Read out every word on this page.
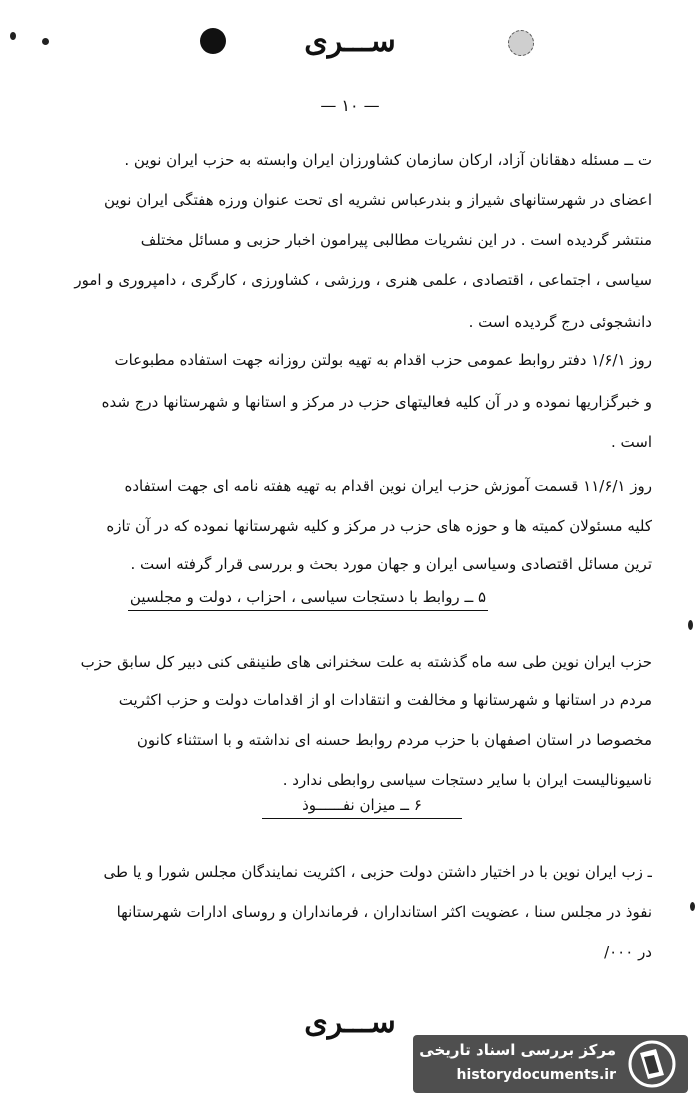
ســـری
— ۱۰ —
ت ــ مسئله دهقانان آزاد، ارکان سازمان کشاورزان ایران وابسته به حزب ایران نوین .
اعضای در شهرستانهای شیراز و بندرعباس نشریه ای تحت عنوان ورزه هفتگی ایران نوین
منتشر گردیده است . در این نشریات مطالبی پیرامون اخبار حزبی و مسائل مختلف
سیاسی ، اجتماعی ، اقتصادی ، علمی هنری ، ورزشی ، کشاورزی ، کارگری ، دامپروری و امور
دانشجوئی درج گردیده است .
روز ۱/۶/۱ دفتر روابط عمومی حزب اقدام به تهیه بولتن روزانه جهت استفاده مطبوعات
و خبرگزاریها نموده و در آن کلیه فعالیتهای حزب در مرکز و استانها و شهرستانها درج شده
است .
روز ۱۱/۶/۱ قسمت آموزش حزب ایران نوین اقدام به تهیه هفته نامه ای جهت استفاده
کلیه مسئولان کمیته ها و حوزه های حزب در مرکز و کلیه شهرستانها نموده که در آن تازه
ترین مسائل اقتصادی وسیاسی ایران و جهان مورد بحث و بررسی قرار گرفته است .
۵ ــ روابط با دستجات سیاسی ، احزاب ، دولت و مجلسین
حزب ایران نوین طی سه ماه گذشته به علت سخنرانی های طنینقی کنی دبیر کل سابق حزب
مردم در استانها و شهرستانها و مخالفت و انتقادات او از اقدامات دولت و حزب اکثریت
مخصوصا در استان اصفهان با حزب مردم روابط حسنه ای نداشته و با استثناء کانون
ناسیونالیست ایران با سایر دستجات سیاسی روابطی ندارد .
۶ ــ میزان نفــــــوذ
ـ زب ایران نوین با در اختیار داشتن دولت حزبی ، اکثریت نمایندگان مجلس شورا و یا طی
نفوذ در مجلس سنا ، عضویت اکثر استانداران ، فرمانداران و روسای ادارات شهرستانها
در ۰۰۰/
ســـری
مرکز بررسی اسناد تاریخی
historydocuments.ir
